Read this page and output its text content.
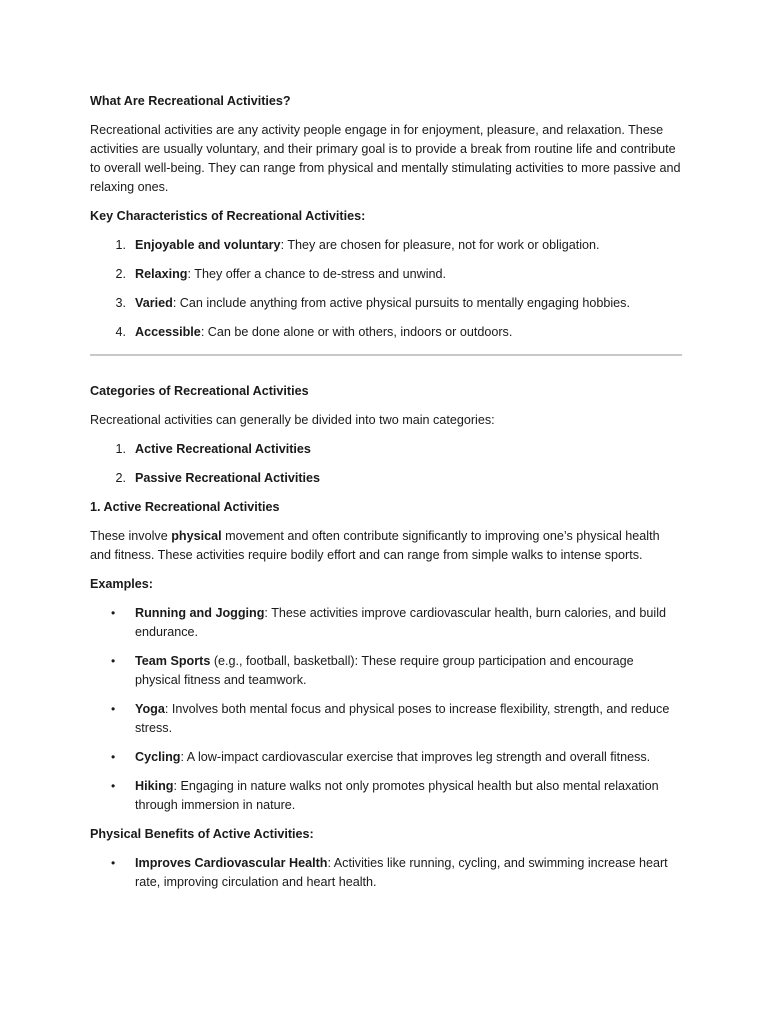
What Are Recreational Activities?

Recreational activities are any activity people engage in for enjoyment, pleasure, and relaxation. These activities are usually voluntary, and their primary goal is to provide a break from routine life and contribute to overall well-being. They can range from physical and mentally stimulating activities to more passive and relaxing ones.

Key Characteristics of Recreational Activities:

1. Enjoyable and voluntary: They are chosen for pleasure, not for work or obligation.
2. Relaxing: They offer a chance to de-stress and unwind.
3. Varied: Can include anything from active physical pursuits to mentally engaging hobbies.
4. Accessible: Can be done alone or with others, indoors or outdoors.

Categories of Recreational Activities

Recreational activities can generally be divided into two main categories:

1. Active Recreational Activities
2. Passive Recreational Activities

1. Active Recreational Activities

These involve physical movement and often contribute significantly to improving one’s physical health and fitness. These activities require bodily effort and can range from simple walks to intense sports.

Examples:

• Running and Jogging: These activities improve cardiovascular health, burn calories, and build endurance.
• Team Sports (e.g., football, basketball): These require group participation and encourage physical fitness and teamwork.
• Yoga: Involves both mental focus and physical poses to increase flexibility, strength, and reduce stress.
• Cycling: A low-impact cardiovascular exercise that improves leg strength and overall fitness.
• Hiking: Engaging in nature walks not only promotes physical health but also mental relaxation through immersion in nature.

Physical Benefits of Active Activities:

• Improves Cardiovascular Health: Activities like running, cycling, and swimming increase heart rate, improving circulation and heart health.
